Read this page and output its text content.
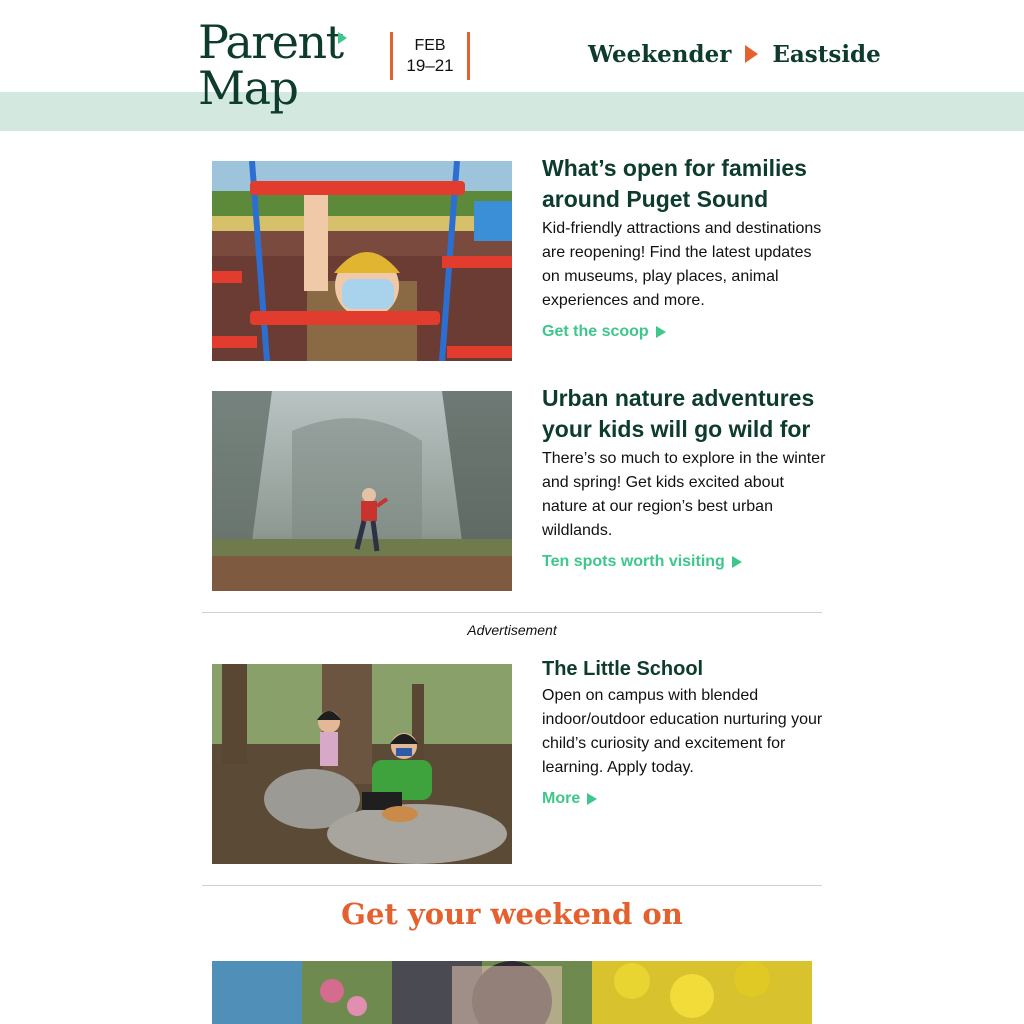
Parent
Map
FEB
19–21	Weekender Eastside
What’s open for families around Puget Sound
Kid-friendly attractions and destinations are reopening! Find the latest updates on museums, play places, animal experiences and more.
Get the scoop
Urban nature adventures your kids will go wild for
There’s so much to explore in the winter and spring! Get kids excited about nature at our region’s best urban wildlands.
Ten spots worth visiting
Advertisement
The Little School
Open on campus with blended indoor/outdoor education nurturing your child’s curiosity and excitement for learning. Apply today.
More
Get your weekend on
